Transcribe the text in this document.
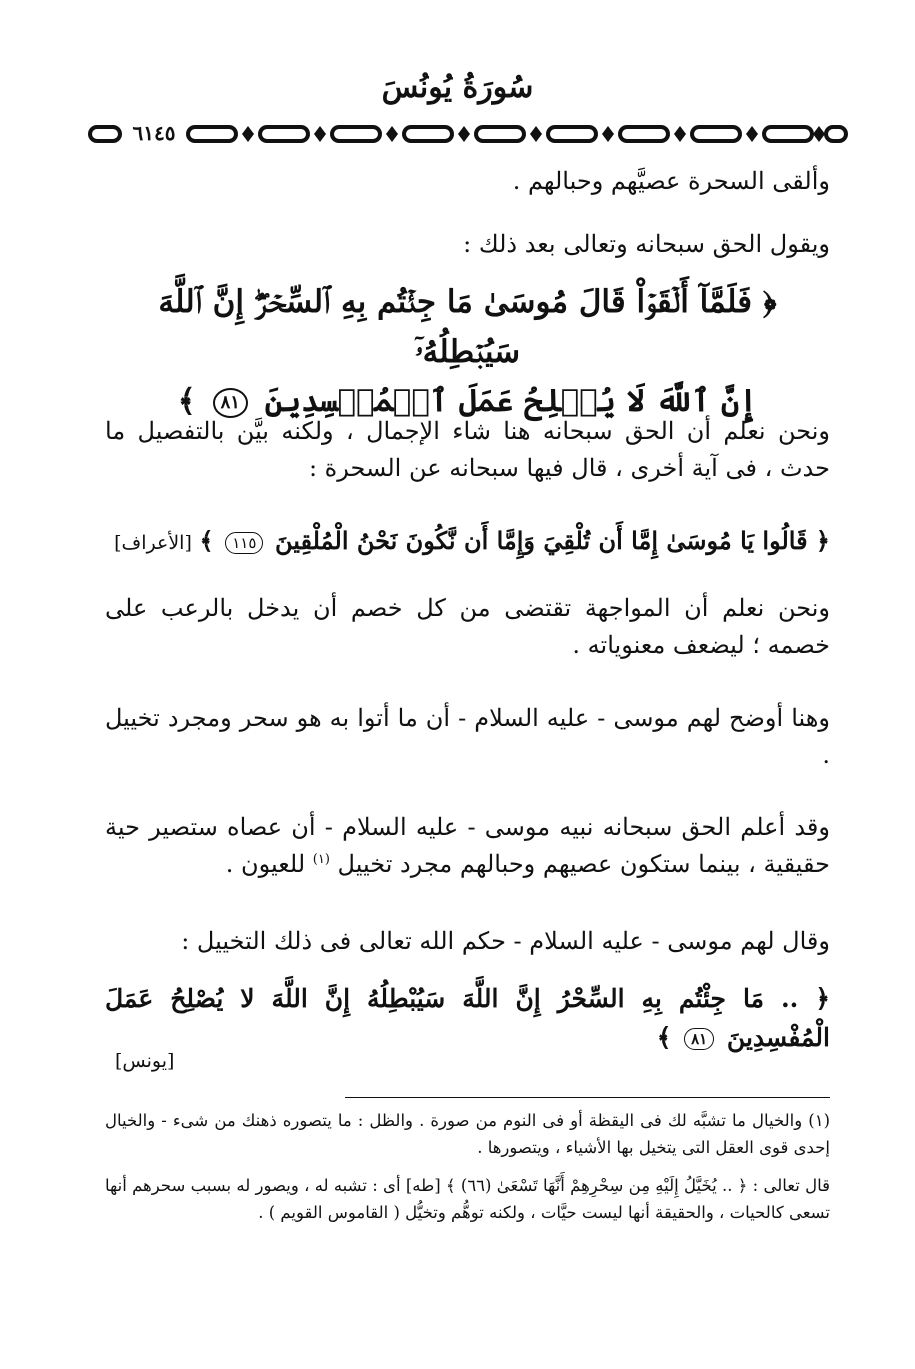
سُورَةُ يُونُسَ
٦١٤٥
وألقى السحرة عصيَّهم وحبالهم .
ويقول الحق سبحانه وتعالى بعد ذلك :
﴿ فَلَمَّآ أَلۡقَوۡاْ قَالَ مُوسَىٰ مَا جِئۡتُم بِهِ ٱلسِّحۡرُۖ إِنَّ ٱللَّهَ سَيُبۡطِلُهُۥٓ
إِنَّ ٱللَّهَ لَا يُصۡلِحُ عَمَلَ ٱلۡمُفۡسِدِينَ ٨١ ﴾
ونحن نعلم أن الحق سبحانه هنا شاء الإجمال ، ولكنه بيَّن بالتفصيل ما حدث ، فى آية أخرى ، قال فيها سبحانه عن السحرة :
﴿ قَالُوا يَا مُوسَىٰ إِمَّا أَن تُلْقِيَ وَإِمَّا أَن نَّكُونَ نَحْنُ الْمُلْقِينَ ١١٥ ﴾ [الأعراف]
ونحن نعلم أن المواجهة تقتضى من كل خصم أن يدخل بالرعب على خصمه ؛ ليضعف معنوياته .
وهنا أوضح لهم موسى - عليه السلام - أن ما أتوا به هو سحر ومجرد تخييل .
وقد أعلم الحق سبحانه نبيه موسى - عليه السلام - أن عصاه ستصير حية حقيقية ، بينما ستكون عصيهم وحبالهم مجرد تخييل $^{(١)}$ للعيون .
وقال لهم موسى - عليه السلام - حكم الله تعالى فى ذلك التخييل :
﴿ .. مَا جِئْتُم بِهِ السِّحْرُ إِنَّ اللَّهَ سَيُبْطِلُهُ إِنَّ اللَّهَ لا يُصْلِحُ عَمَلَ الْمُفْسِدِينَ ٨١ ﴾
[يونس]
(١) والخيال ما تشبَّه لك فى اليقظة أو فى النوم من صورة . والظل : ما يتصوره ذهنك من شىء - والخيال إحدى قوى العقل التى يتخيل بها الأشياء ، ويتصورها .
قال تعالى : ﴿ .. يُخَيَّلُ إِلَيْهِ مِن سِحْرِهِمْ أَنَّهَا تَسْعَىٰ (٦٦) ﴾ [طه] أى : تشبه له ، ويصور له بسبب سحرهم أنها تسعى كالحيات ، والحقيقة أنها ليست حيَّات ، ولكنه توهُّم وتخيُّل ( القاموس القويم ) .
